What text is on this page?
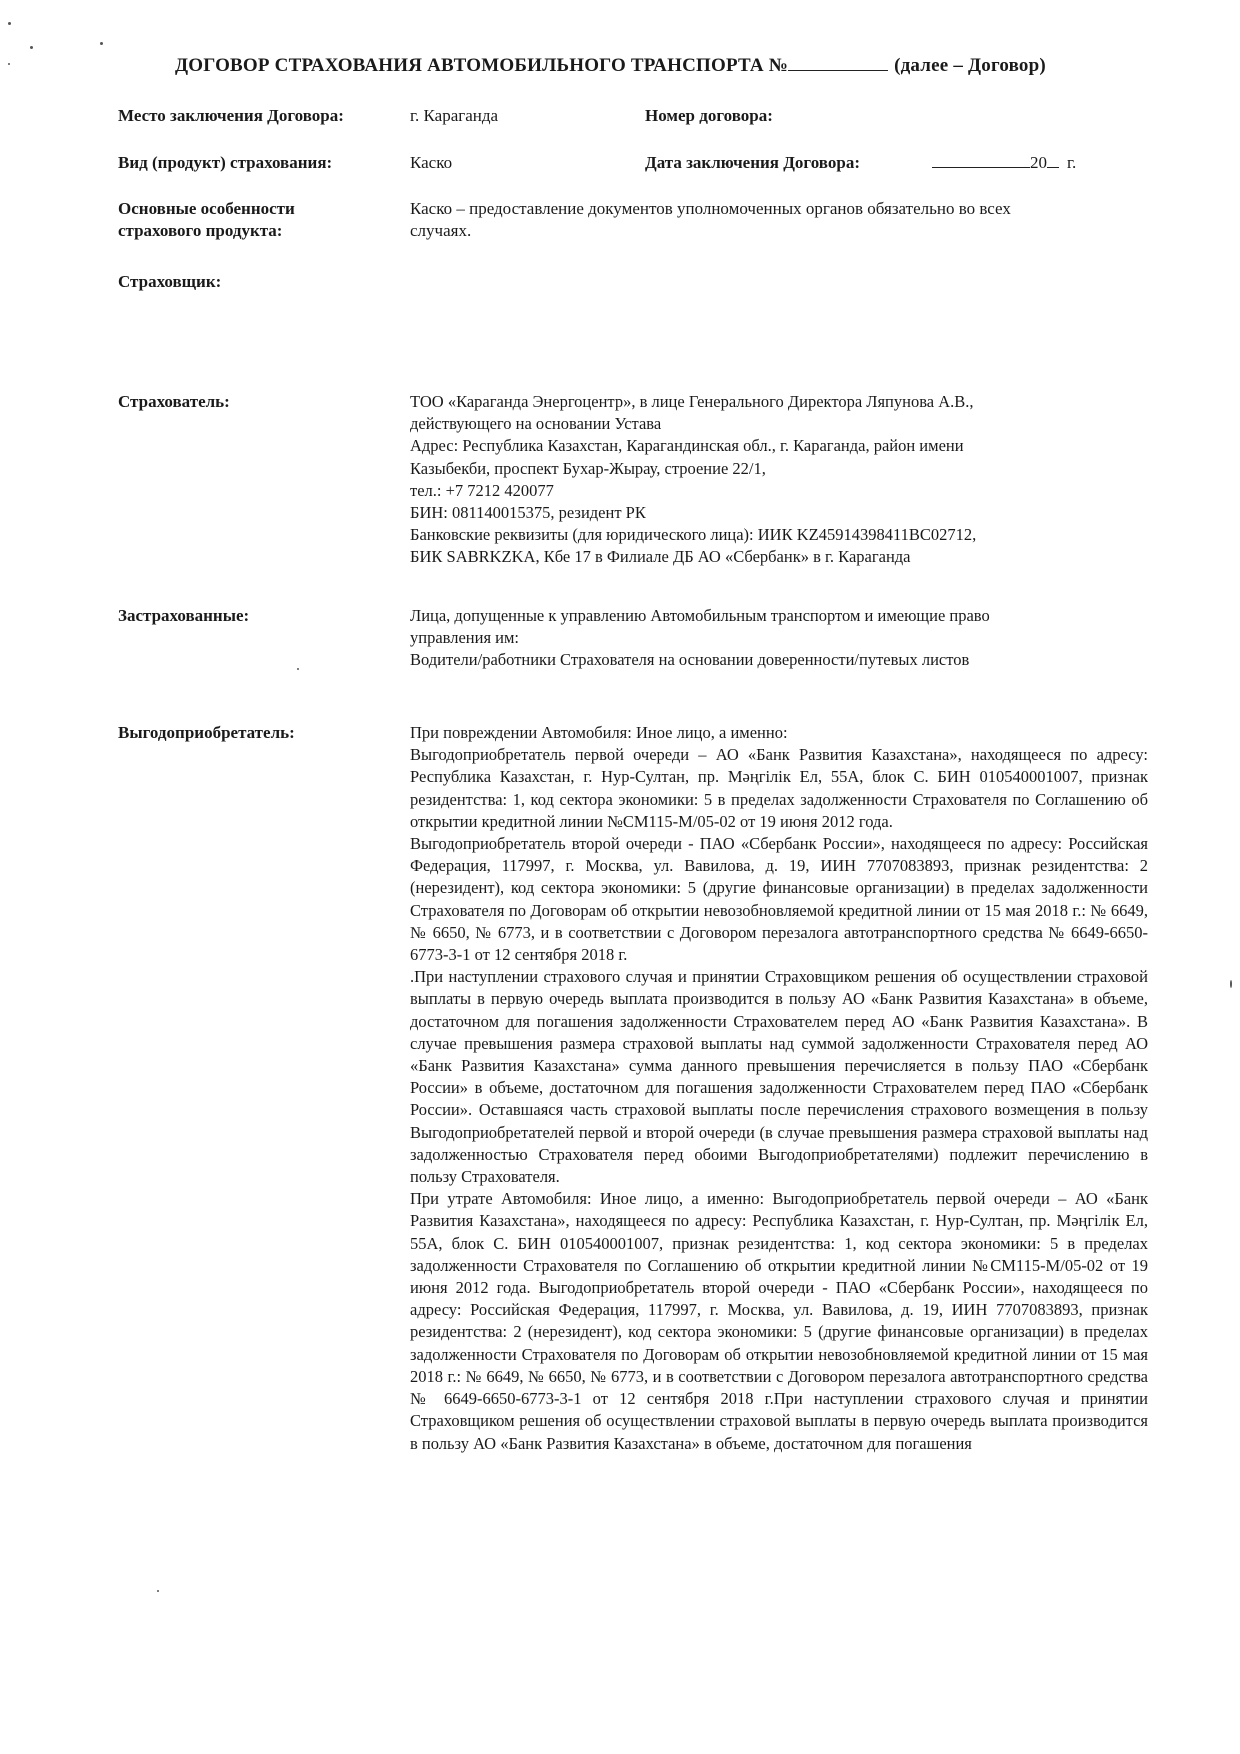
ДОГОВОР СТРАХОВАНИЯ АВТОМОБИЛЬНОГО ТРАНСПОРТА №	(далее – Договор)
Место заключения Договора:	г. Караганда	Номер договора:
Вид (продукт) страхования:	Каско	Дата заключения Договора:	20 г.
Основные особенности
страхового продукта:
Каско – предоставление документов уполномоченных органов обязательно во всех
случаях.
Страховщик:
Страхователь:	ТОО «Караганда Энергоцентр», в лице Генерального Директора Ляпунова А.В.,

действующего на основании Устава

Адрес: Республика Казахстан, Карагандинская обл., г. Караганда, район имени

Казыбекби, проспект Бухар-Жырау, строение 22/1,

тел.: +7 7212 420077

БИН: 081140015375, резидент РК

Банковские реквизиты (для юридического лица): ИИК KZ45914398411BC02712,

БИК SABRKZKA, Кбе 17 в Филиале ДБ АО «Сбербанк» в г. Караганда

Застрахованные:	Лица, допущенные к управлению Автомобильным транспортом и имеющие право

управления им:

Водители/работники Страхователя на основании доверенности/путевых листов

Выгодоприобретатель:	При повреждении Автомобиля: Иное лицо, а именно:

Выгодоприобретатель первой очереди – АО «Банк Развития Казахстана», находящееся по адресу: Республика Казахстан, г. Нур-Султан, пр. Мәңгілік Ел, 55А, блок С. БИН 010540001007, признак резидентства: 1, код сектора экономики: 5 в пределах задолженности Страхователя по Соглашению об открытии кредитной линии №СМ115-М/05-02 от 19 июня 2012 года.

Выгодоприобретатель второй очереди - ПАО «Сбербанк России», находящееся по адресу: Российская Федерация, 117997, г. Москва, ул. Вавилова, д. 19, ИИН 7707083893, признак резидентства: 2 (нерезидент), код сектора экономики: 5 (другие финансовые организации) в пределах задолженности Страхователя по Договорам об открытии невозобновляемой кредитной линии от 15 мая 2018 г.: № 6649, № 6650, № 6773, и в соответствии с Договором перезалога автотранспортного средства № 6649-6650-6773-3-1 от 12 сентября 2018 г.

.При наступлении страхового случая и принятии Страховщиком решения об осуществлении страховой выплаты в первую очередь выплата производится в пользу АО «Банк Развития Казахстана» в объеме, достаточном для погашения задолженности Страхователем перед АО «Банк Развития Казахстана». В случае превышения размера страховой выплаты над суммой задолженности Страхователя перед АО «Банк Развития Казахстана» сумма данного превышения перечисляется в пользу ПАО «Сбербанк России» в объеме, достаточном для погашения задолженности Страхователем перед ПАО «Сбербанк России». Оставшаяся часть страховой выплаты после перечисления страхового возмещения в пользу Выгодоприобретателей первой и второй очереди (в случае превышения размера страховой выплаты над задолженностью Страхователя перед обоими Выгодоприобретателями) подлежит перечислению в пользу Страхователя.

При утрате Автомобиля: Иное лицо, а именно: Выгодоприобретатель первой очереди – АО «Банк Развития Казахстана», находящееся по адресу: Республика Казахстан, г. Нур-Султан, пр. Мәңгілік Ел, 55А, блок С. БИН 010540001007, признак резидентства: 1, код сектора экономики: 5 в пределах задолженности Страхователя по Соглашению об открытии кредитной линии №СМ115-М/05-02 от 19 июня 2012 года. Выгодоприобретатель второй очереди - ПАО «Сбербанк России», находящееся по адресу: Российская Федерация, 117997, г. Москва, ул. Вавилова, д. 19, ИИН 7707083893, признак резидентства: 2 (нерезидент), код сектора экономики: 5 (другие финансовые организации) в пределах задолженности Страхователя по Договорам об открытии невозобновляемой кредитной линии от 15 мая 2018 г.: № 6649, № 6650, № 6773, и в соответствии с Договором перезалога автотранспортного средства № 6649-6650-6773-3-1 от 12 сентября 2018 г.При наступлении страхового случая и принятии Страховщиком решения об осуществлении страховой выплаты в первую очередь выплата производится в пользу АО «Банк Развития Казахстана» в объеме, достаточном для погашения
